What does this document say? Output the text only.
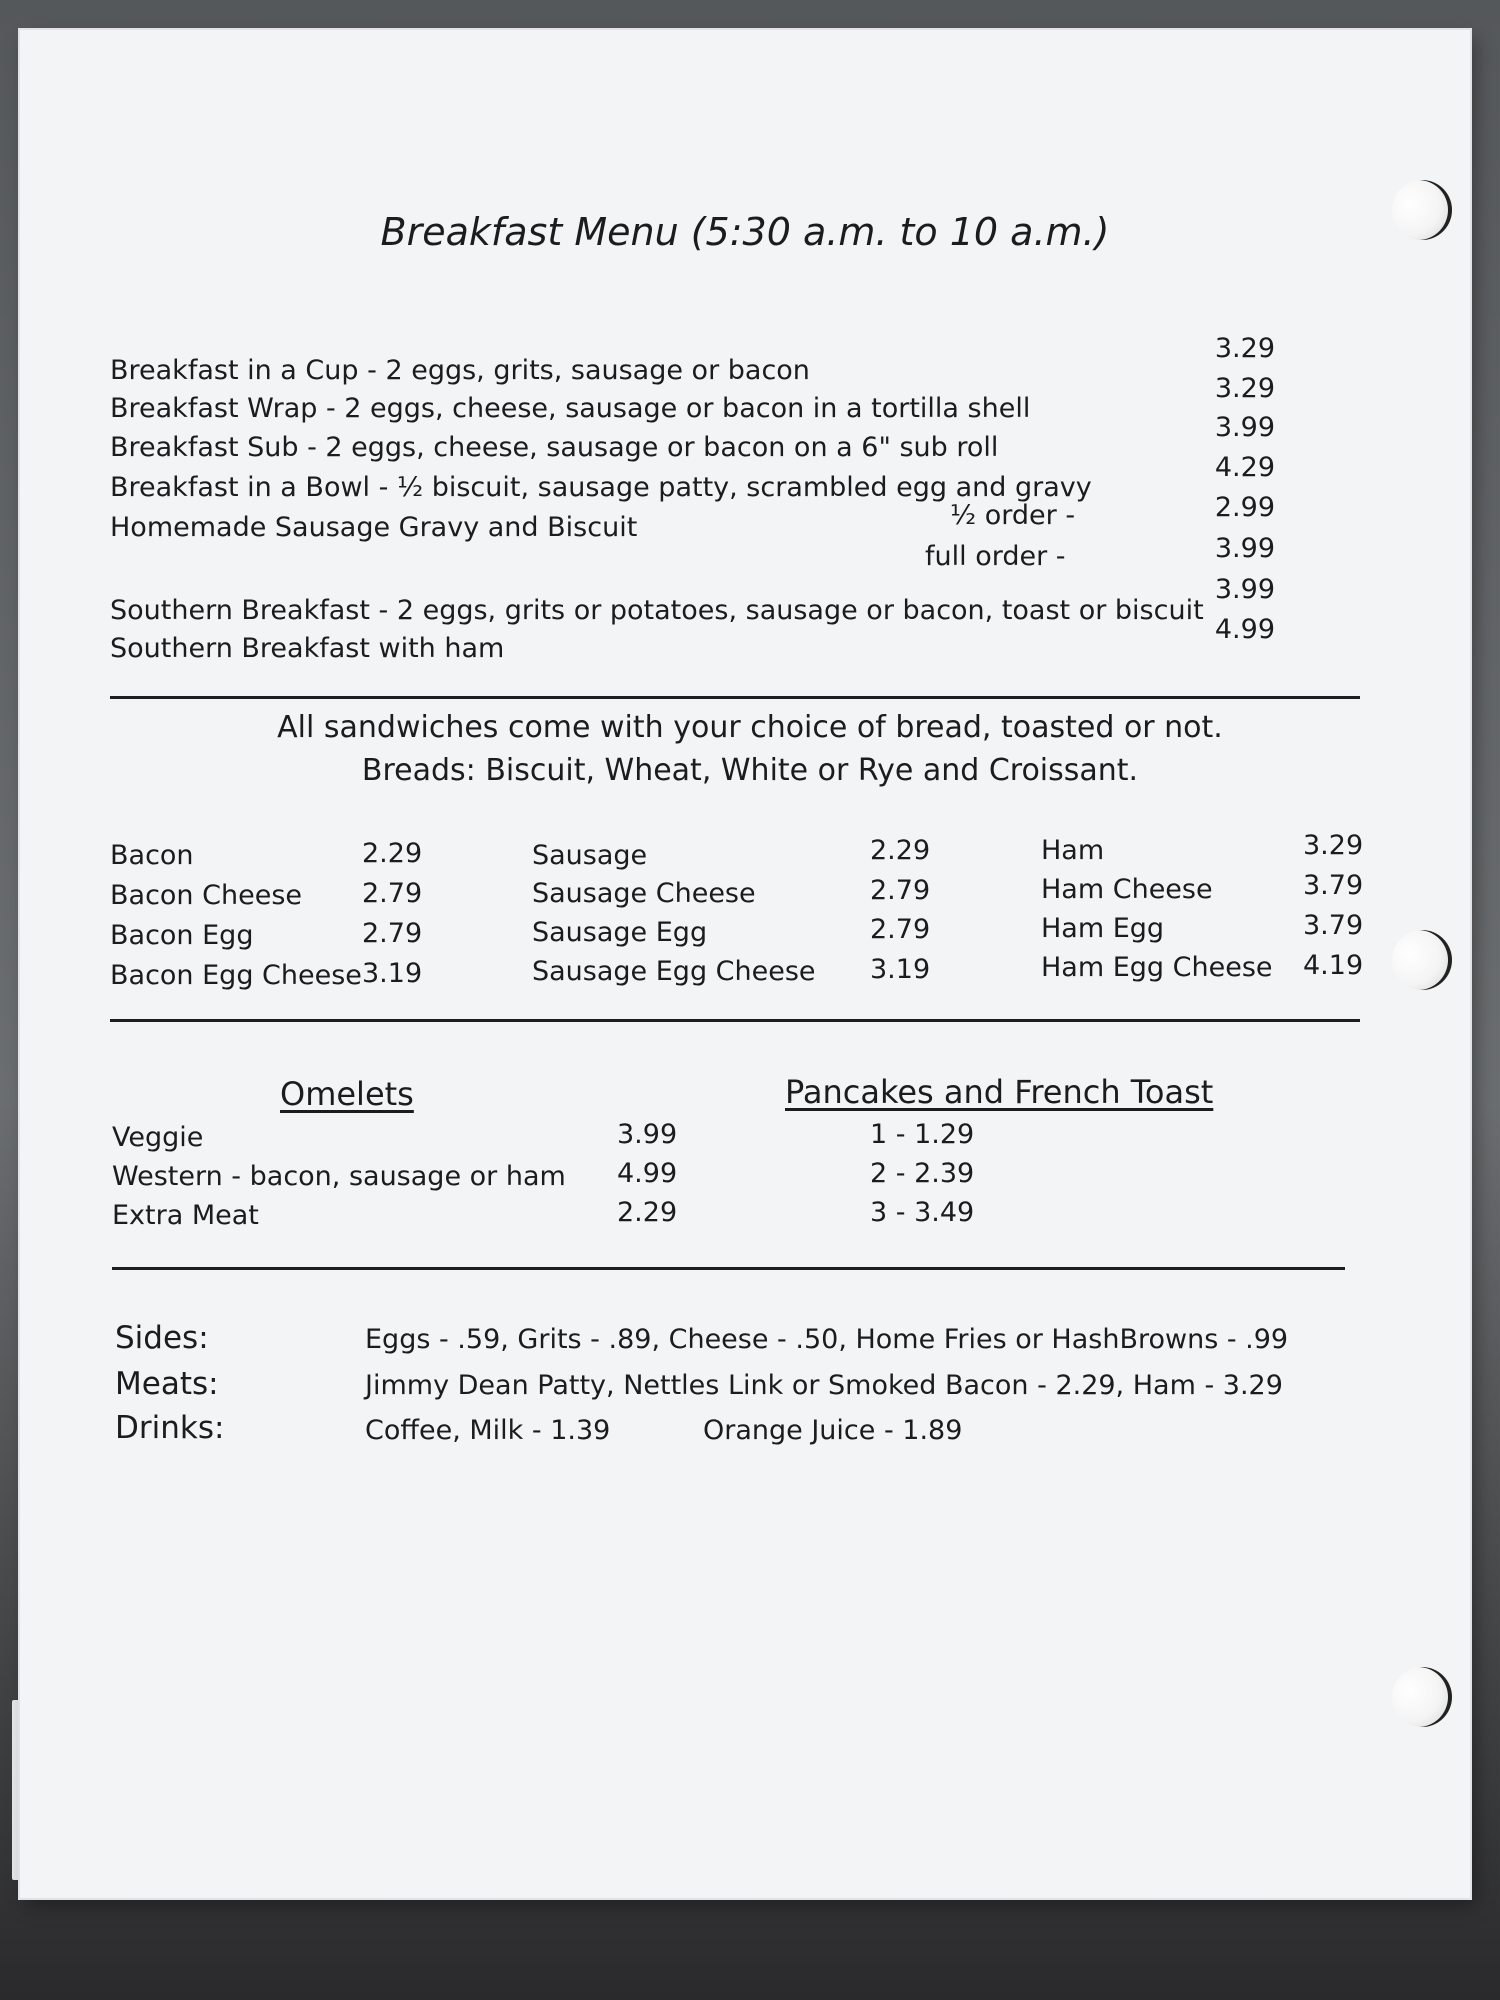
Breakfast Menu (5:30 a.m. to 10 a.m.)
Breakfast in a Cup - 2 eggs, grits, sausage or bacon
3.29
Breakfast Wrap - 2 eggs, cheese, sausage or bacon in a tortilla shell
3.29
Breakfast Sub - 2 eggs, cheese, sausage or bacon on a 6" sub roll
3.99
Breakfast in a Bowl - ½ biscuit, sausage patty, scrambled egg and gravy
4.29
Homemade Sausage Gravy and Biscuit	½ order -	2.99
full order -	3.99
Southern Breakfast - 2 eggs, grits or potatoes, sausage or bacon, toast or biscuit
3.99
Southern Breakfast with ham
4.99
All sandwiches come with your choice of bread, toasted or not.
Breads: Biscuit, Wheat, White or Rye and Croissant.
Bacon	2.29
Bacon Cheese 2.79
Bacon Egg	2.79
Bacon Egg Cheese 3.19
Sausage	2.29
Sausage Cheese	2.79
Sausage Egg	2.79
Sausage Egg Cheese 3.19
Ham	3.29
Ham Cheese	3.79
Ham Egg	3.79
Ham Egg Cheese 4.19
Omelets
Veggie	3.99
Western - bacon, sausage or ham 4.99
Extra Meat	2.29
Pancakes and French Toast
1 - 1.29
2 - 2.39
3 - 3.49
Sides:	Eggs - .59, Grits - .89, Cheese - .50, Home Fries or HashBrowns - .99
Meats:	Jimmy Dean Patty, Nettles Link or Smoked Bacon - 2.29, Ham - 3.29
Drinks:	Coffee, Milk - 1.39	Orange Juice - 1.89
